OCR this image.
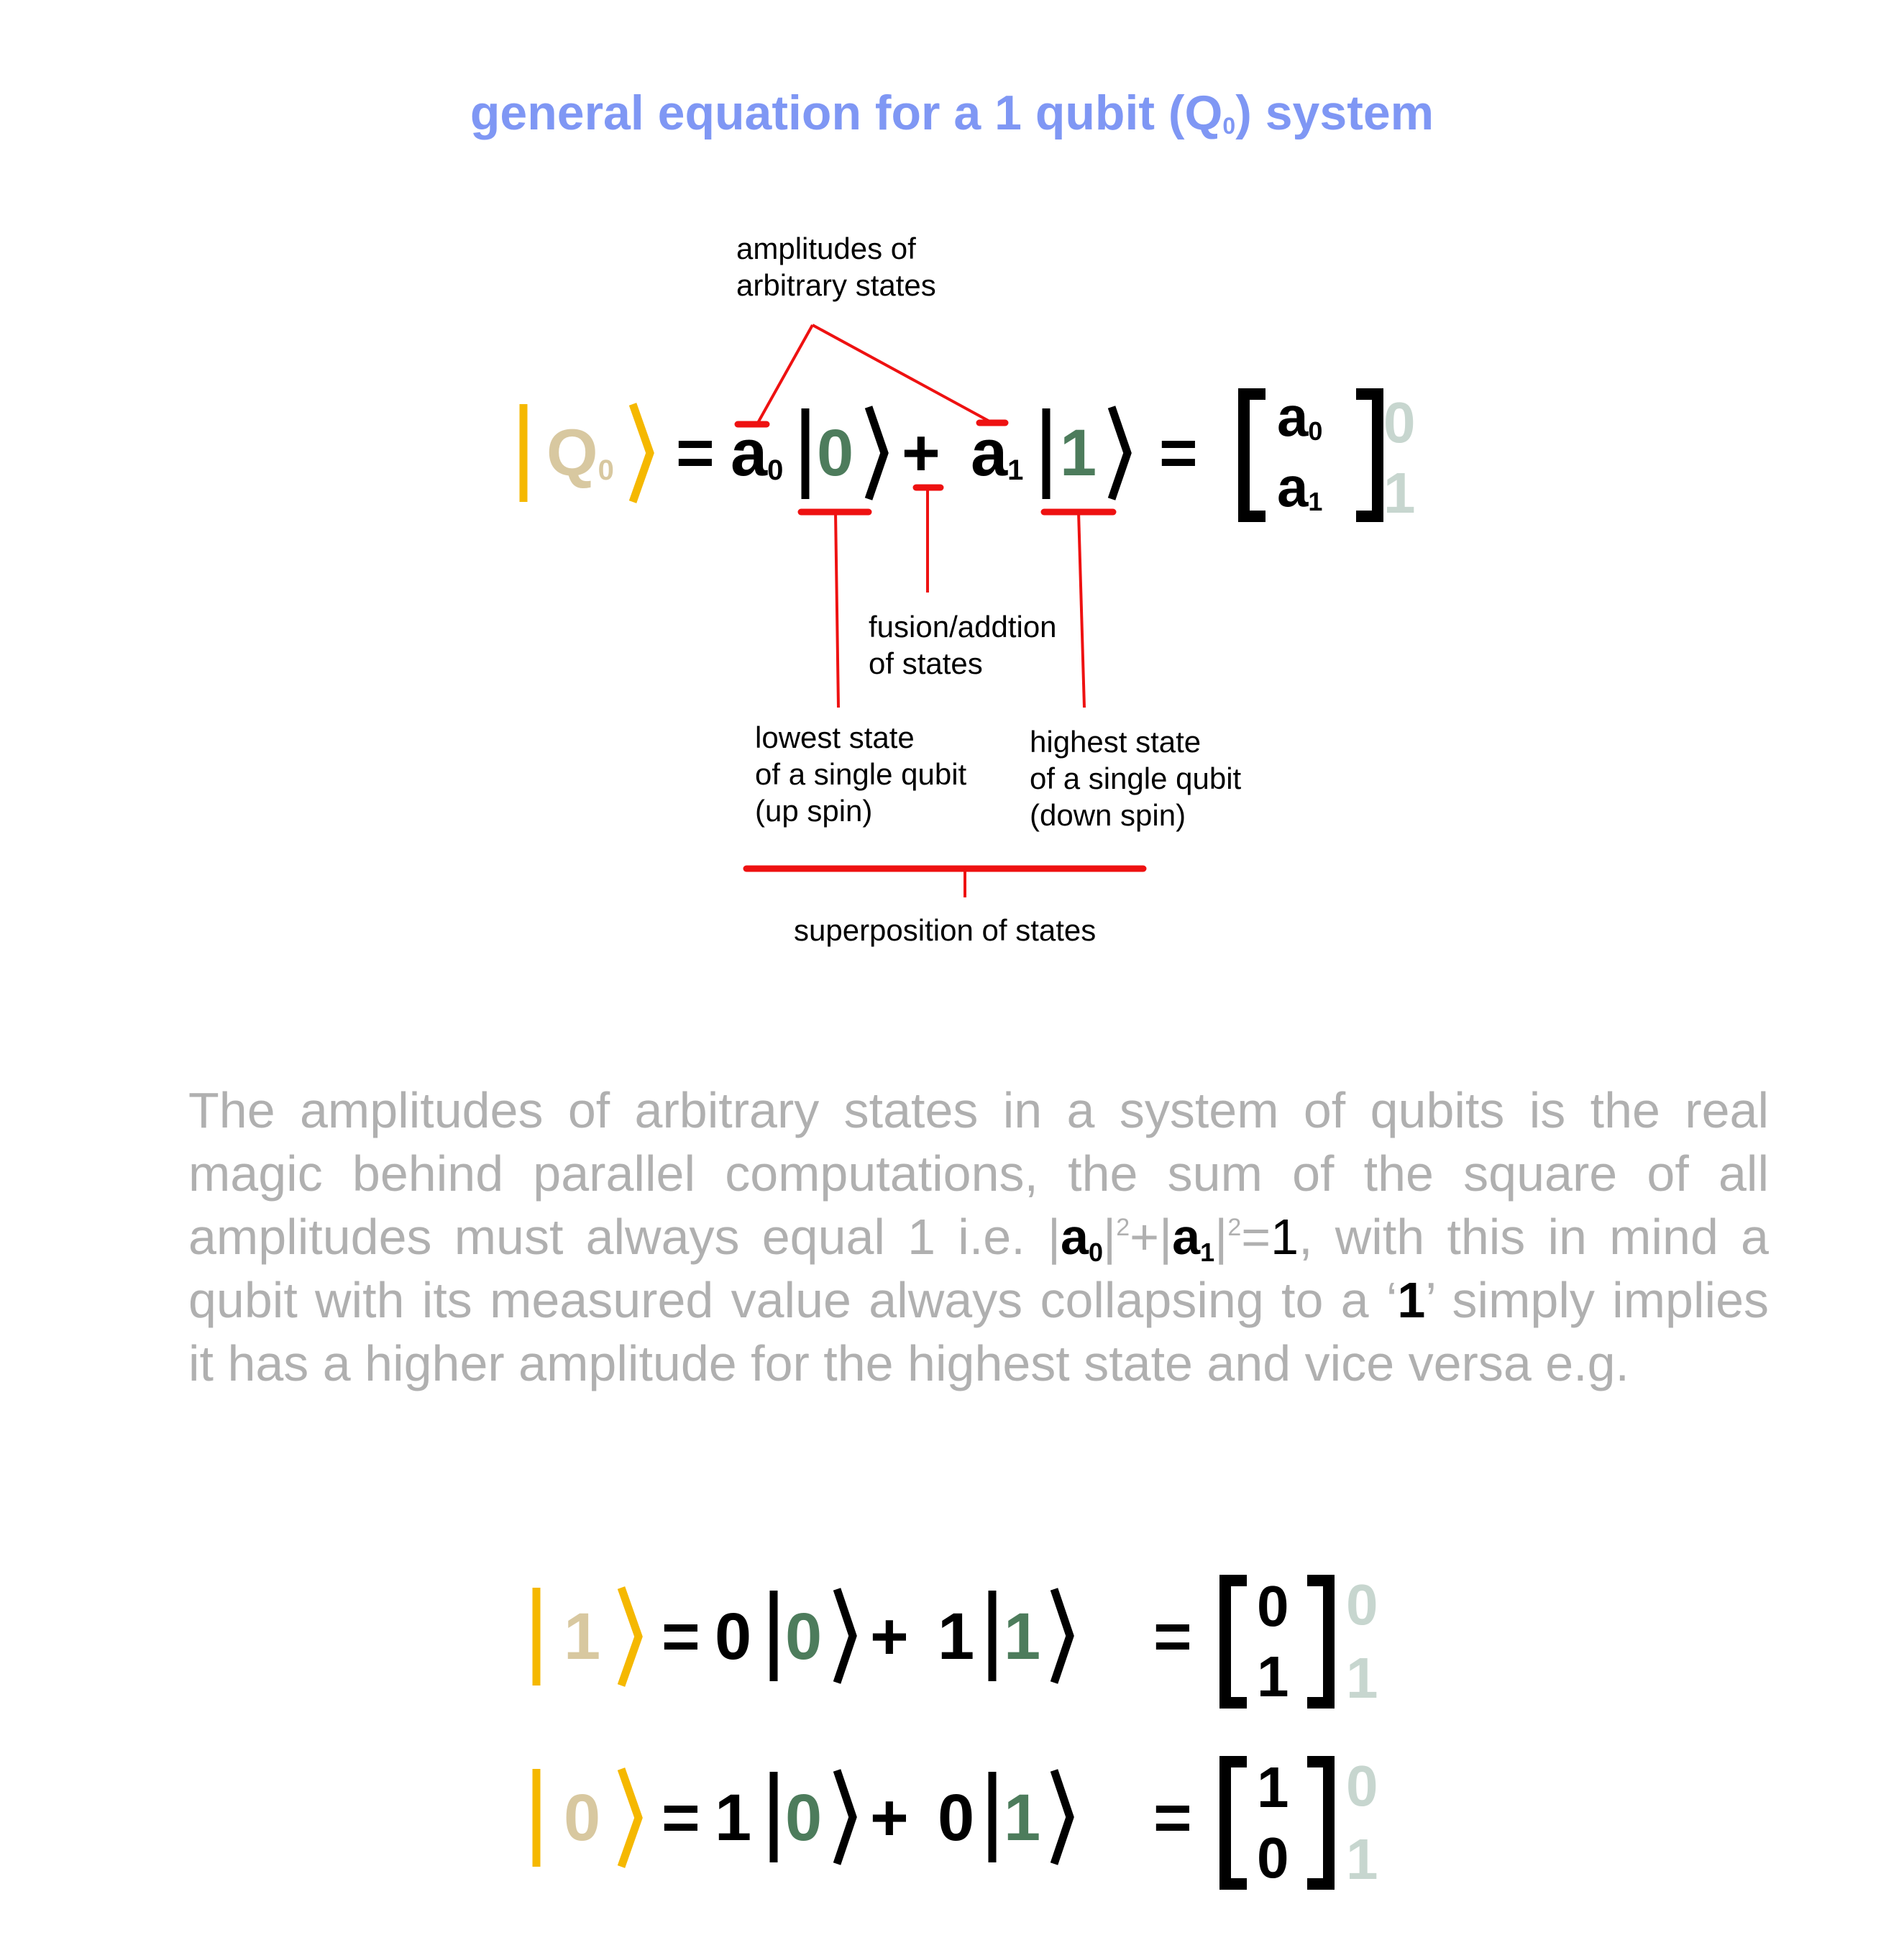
general equation for a 1 qubit $(Q_0)$ system
$Q_0 = a_0$ $0 + a_1$ $1 = a_0$
$a_1$
0
1
amplitudes of
arbitrary states
fusion/addtion
of states
lowest state
of a single qubit
(up spin)
highest state
of a single qubit
(down spin)
superposition of states
The amplitudes of arbitrary states in a system of qubits is the real magic behind parallel computations, the sum of the square of all amplitudes must always equal 1 i.e. $|a_0|^2+|a_1|^2=1$, with this in mind a qubit with its measured value always collapsing to a ‘1’ simply implies it has a higher amplitude for the highest state and vice versa e.g.
1 = 0 0 + 1 1 = 0
1
0
1
0 = 1 0 + 0 1 = 1
0
0
1
